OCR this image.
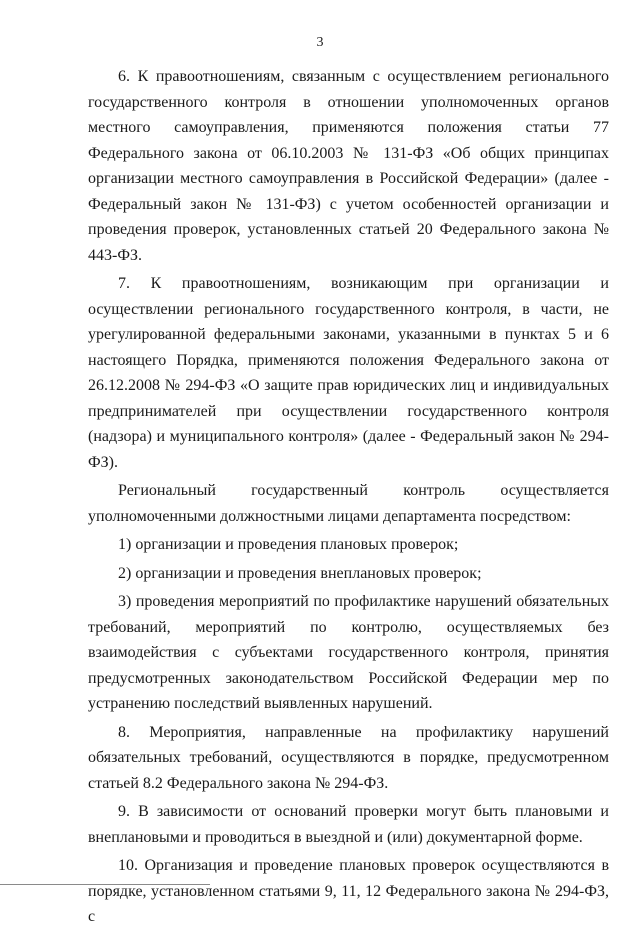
3

6. К правоотношениям, связанным с осуществлением регионального государственного контроля в отношении уполномоченных органов местного самоуправления, применяются положения статьи 77 Федерального закона от 06.10.2003 № 131-ФЗ «Об общих принципах организации местного самоуправления в Российской Федерации» (далее - Федеральный закон № 131-ФЗ) с учетом особенностей организации и проведения проверок, установленных статьей 20 Федерального закона № 443-ФЗ.

7. К правоотношениям, возникающим при организации и осуществлении регионального государственного контроля, в части, не урегулированной федеральными законами, указанными в пунктах 5 и 6 настоящего Порядка, применяются положения Федерального закона от 26.12.2008 № 294-ФЗ «О защите прав юридических лиц и индивидуальных предпринимателей при осуществлении государственного контроля (надзора) и муниципального контроля» (далее - Федеральный закон № 294-ФЗ).

Региональный государственный контроль осуществляется уполномоченными должностными лицами департамента посредством:

1) организации и проведения плановых проверок;

2) организации и проведения внеплановых проверок;

3) проведения мероприятий по профилактике нарушений обязательных требований, мероприятий по контролю, осуществляемых без взаимодействия с субъектами государственного контроля, принятия предусмотренных законодательством Российской Федерации мер по устранению последствий выявленных нарушений.

8. Мероприятия, направленные на профилактику нарушений обязательных требований, осуществляются в порядке, предусмотренном статьей 8.2 Федерального закона № 294-ФЗ.

9. В зависимости от оснований проверки могут быть плановыми и внеплановыми и проводиться в выездной и (или) документарной форме.

10. Организация и проведение плановых проверок осуществляются в порядке, установленном статьями 9, 11, 12 Федерального закона № 294-ФЗ, с
